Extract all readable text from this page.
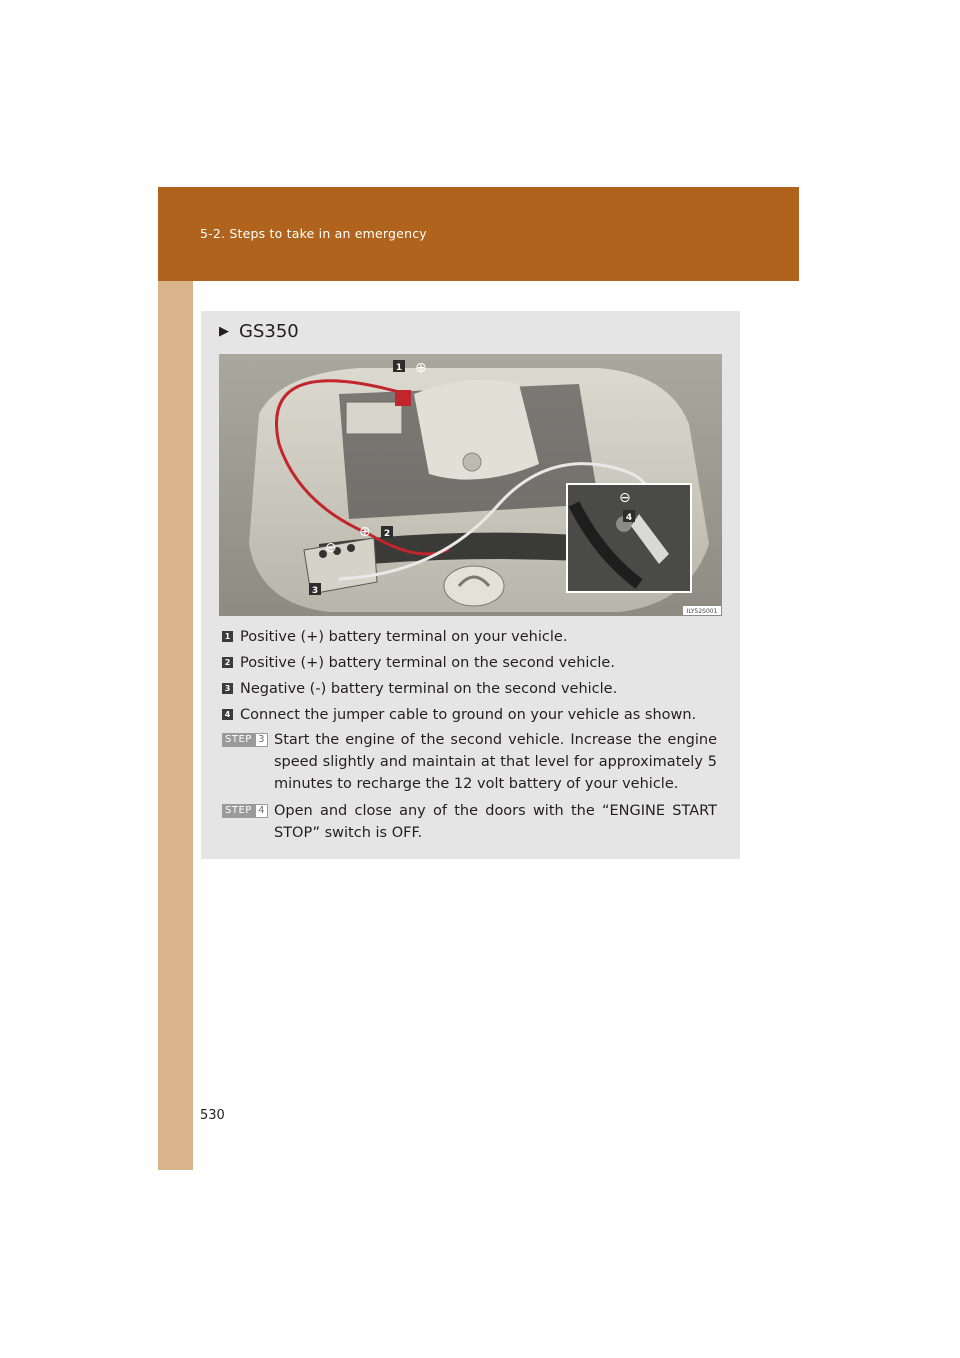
5-2. Steps to take in an emergency
▶ GS350
1 ⊕
2
⊕
⊖
3
⊖
4
ILY52S001
1 Positive (+) battery terminal on your vehicle.
2 Positive (+) battery terminal on the second vehicle.
3 Negative (-) battery terminal on the second vehicle.
4 Connect the jumper cable to ground on your vehicle as shown.
STEP 3 Start the engine of the second vehicle. Increase the engine speed slightly and maintain at that level for approximately 5 minutes to recharge the 12 volt battery of your vehicle.
STEP 4 Open and close any of the doors with the “ENGINE START STOP” switch is OFF.
530
